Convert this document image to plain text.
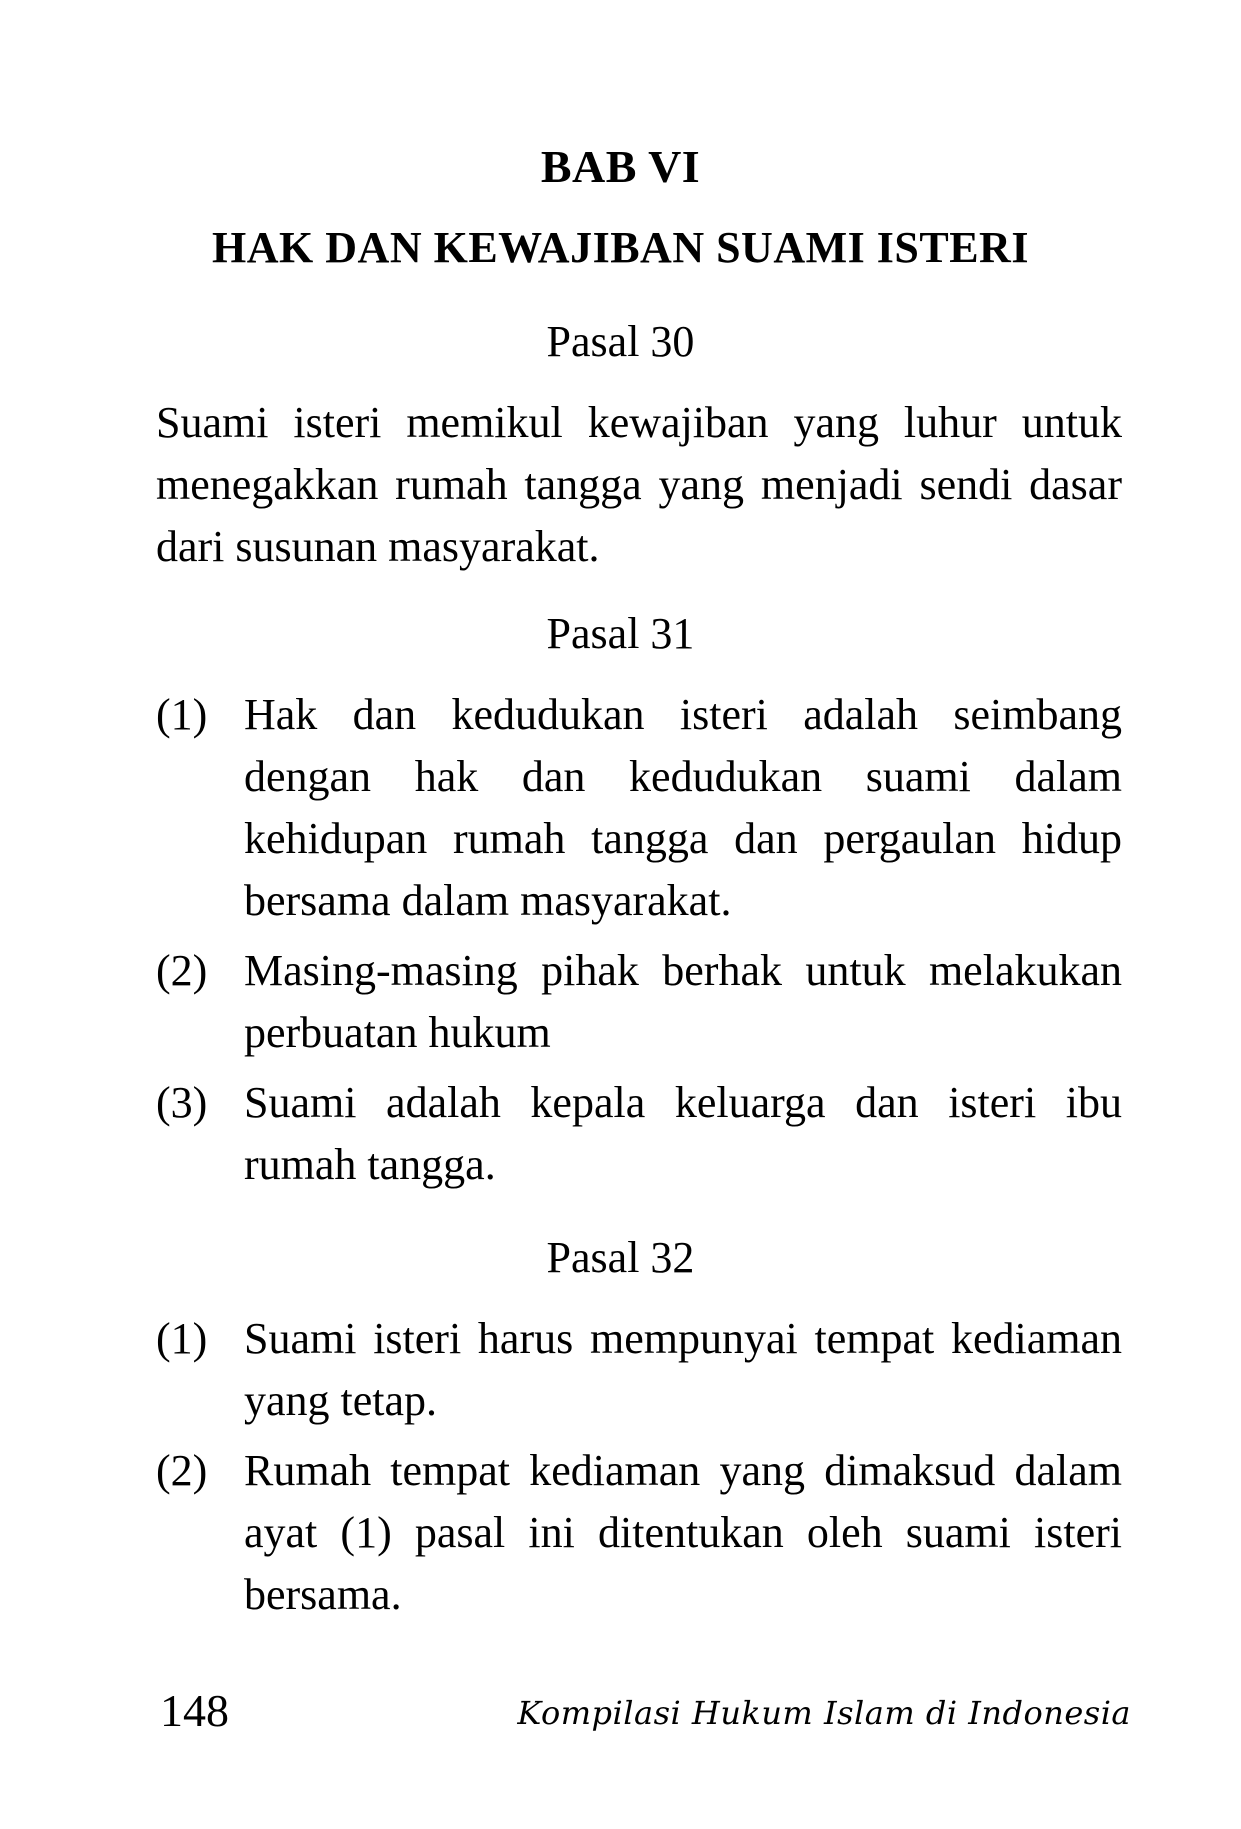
BAB VI
HAK DAN KEWAJIBAN SUAMI ISTERI
Pasal 30
Suami isteri memikul kewajiban yang luhur untuk menegakkan rumah tangga yang menjadi sendi dasar dari susunan masyarakat.
Pasal 31
(1) Hak dan kedudukan isteri adalah seimbang dengan hak dan kedudukan suami dalam kehidupan rumah tangga dan pergaulan hidup bersama dalam masyarakat.
(2) Masing-masing pihak berhak untuk melakukan perbuatan hukum
(3) Suami adalah kepala keluarga dan isteri ibu rumah tangga.
Pasal 32
(1) Suami isteri harus mempunyai tempat kediaman yang tetap.
(2) Rumah tempat kediaman yang dimaksud dalam ayat (1) pasal ini ditentukan oleh suami isteri bersama.
148	Kompilasi Hukum Islam di Indonesia
